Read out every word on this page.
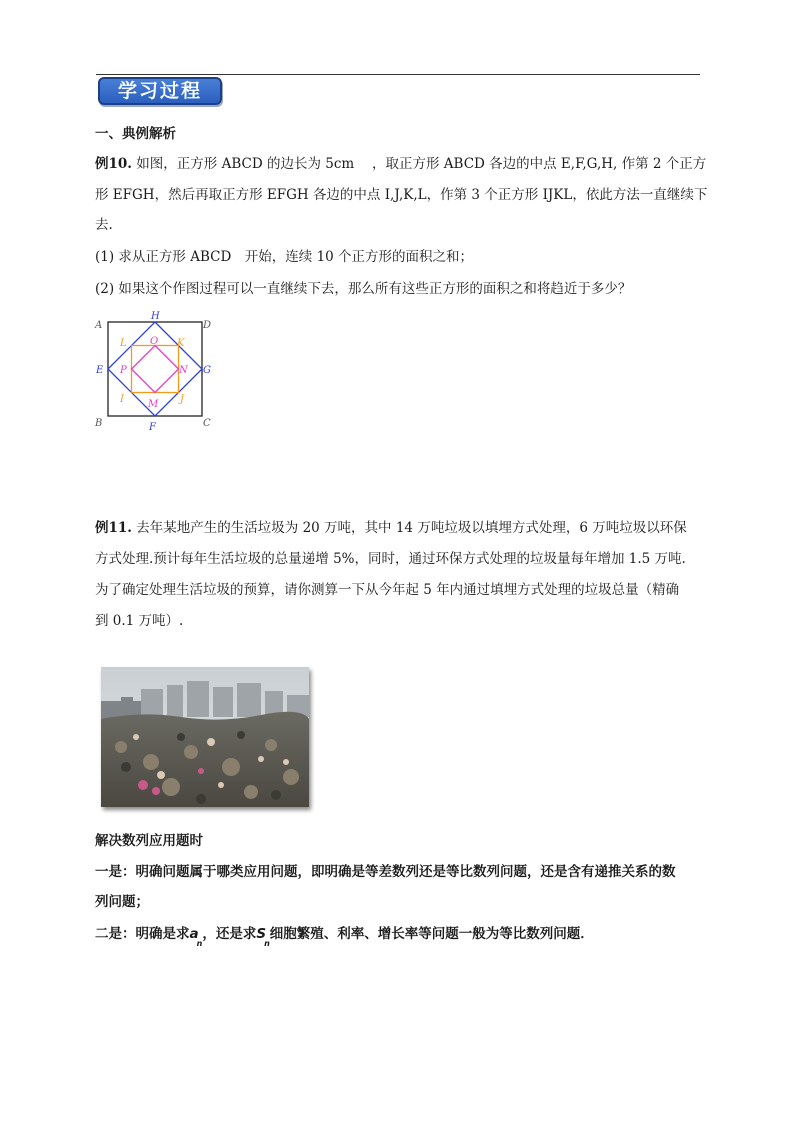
学习过程
一、典例解析
例10. 如图，正方形 ABCD 的边长为 5cm　 ，取正方形 ABCD 各边的中点 E,F,G,H, 作第 2 个正方
形 EFGH，然后再取正方形 EFGH 各边的中点 I,J,K,L，作第 3 个正方形 IJKL，依此方法一直继续下
去.
(1) 求从正方形 ABCD　开始，连续 10 个正方形的面积之和；
(2) 如果这个作图过程可以一直继续下去，那么所有这些正方形的面积之和将趋近于多少？
A
H
D
L O K
E P	N G
I M J
B	F	C
例11. 去年某地产生的生活垃圾为 20 万吨，其中 14 万吨垃圾以填埋方式处理，6 万吨垃圾以环保
方式处理.预计每年生活垃圾的总量递增 5%，同时，通过环保方式处理的垃圾量每年增加 1.5 万吨.
为了确定处理生活垃圾的预算，请你测算一下从今年起 5 年内通过填埋方式处理的垃圾总量（精确
到 0.1 万吨）.
解决数列应用题时
一是：明确问题属于哪类应用问题，即明确是等差数列还是等比数列问题，还是含有递推关系的数
列问题；
二是：明确是求$a_n$，还是求$S_n$细胞繁殖、利率、增长率等问题一般为等比数列问题．
